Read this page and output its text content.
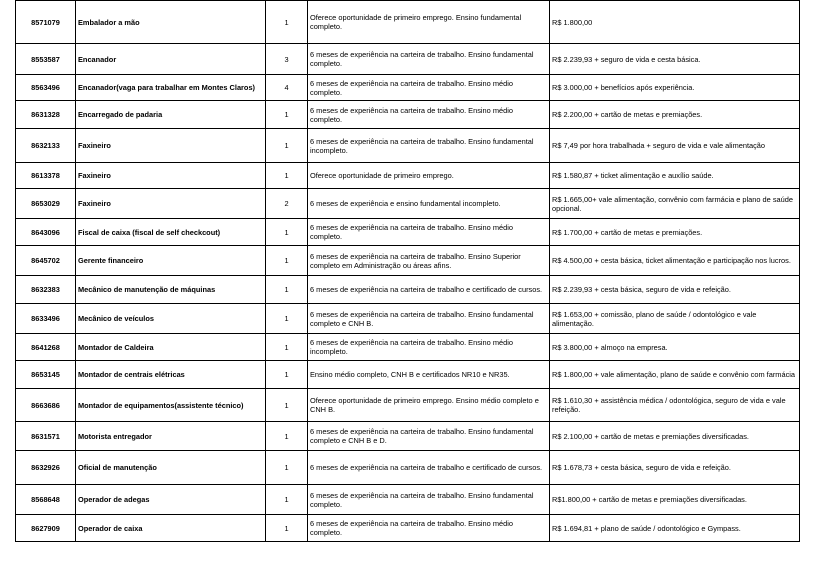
8571079	Embalador a mão	1	Oferece oportunidade de primeiro emprego. Ensino fundamental completo.	R$ 1.800,00
8553587	Encanador	3	6 meses de experiência na carteira de trabalho. Ensino fundamental completo.	R$ 2.239,93 + seguro de vida e cesta básica.
8563496	Encanador(vaga para trabalhar em Montes Claros)	4	6 meses de experiência na carteira de trabalho. Ensino médio completo.	R$ 3.000,00 + benefícios após experiência.
8631328	Encarregado de padaria	1	6 meses de experiência na carteira de trabalho. Ensino médio completo.	R$ 2.200,00 + cartão de metas e premiações.
8632133	Faxineiro	1	6 meses de experiência na carteira de trabalho. Ensino fundamental incompleto.	R$ 7,49 por hora trabalhada + seguro de vida e vale alimentação
8613378	Faxineiro	1	Oferece oportunidade de primeiro emprego.	R$ 1.580,87 + ticket alimentação e auxílio saúde.
8653029	Faxineiro	2	6 meses de experiência e ensino fundamental incompleto.	R$ 1.665,00+ vale alimentação, convênio com farmácia e plano de saúde opcional.
8643096	Fiscal de caixa (fiscal de self checkcout)	1	6 meses de experiência na carteira de trabalho. Ensino médio completo.	R$ 1.700,00 + cartão de metas e premiações.
8645702	Gerente financeiro	1	6 meses de experiência na carteira de trabalho. Ensino Superior completo em Administração ou áreas afins.	R$ 4.500,00 + cesta básica, ticket alimentação e participação nos lucros.
8632383	Mecânico de manutenção de máquinas	1	6 meses de experiência na carteira de trabalho e certificado de cursos.	R$ 2.239,93 + cesta básica, seguro de vida e refeição.
8633496	Mecânico de veículos	1	6 meses de experiência na carteira de trabalho. Ensino fundamental completo e CNH B.	R$ 1.653,00 + comissão, plano de saúde / odontológico e vale alimentação.
8641268	Montador de Caldeira	1	6 meses de experiência na carteira de trabalho. Ensino médio incompleto.	R$ 3.800,00 + almoço na empresa.
8653145	Montador de centrais elétricas	1	Ensino médio completo, CNH B e certificados NR10 e NR35.	R$ 1.800,00 + vale alimentação, plano de saúde e convênio com farmácia
8663686	Montador de equipamentos(assistente técnico)	1	Oferece oportunidade de primeiro emprego. Ensino médio completo e CNH B.	R$ 1.610,30 + assistência médica / odontológica, seguro de vida e vale refeição.
8631571	Motorista entregador	1	6 meses de experiência na carteira de trabalho. Ensino fundamental completo e CNH B e D.	R$ 2.100,00 + cartão de metas e premiações diversificadas.
8632926	Oficial de manutenção	1	6 meses de experiência na carteira de trabalho e certificado de cursos.	R$ 1.678,73 + cesta básica, seguro de vida e refeição.
8568648	Operador de adegas	1	6 meses de experiência na carteira de trabalho. Ensino fundamental completo.	R$1.800,00 + cartão de metas e premiações diversificadas.
8627909	Operador de caixa	1	6 meses de experiência na carteira de trabalho. Ensino médio completo.	R$ 1.694,81 + plano de saúde / odontológico e Gympass.
